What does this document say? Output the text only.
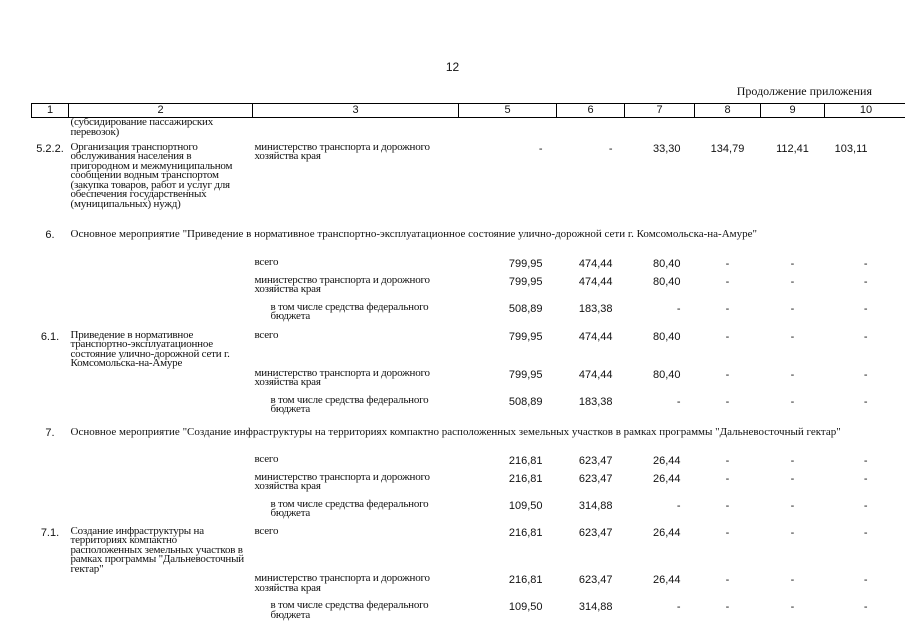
12
Продолжение приложения
1	2	3	5	6	7	8	9	10
	(субсидирование пассажирских перевозок)							
5.2.2.	Организация транспортного обслуживания населения в пригородном и межмуниципальном сообщении водным транспортом (закупка товаров, работ и услуг для обеспечения государственных (муниципальных) нужд)	министерство транспорта и дорожного хозяйства края	-	-	33,30	134,79	112,41	103,11
6.	Основное мероприятие "Приведение в нормативное транспортно-эксплуатационное состояние улично-дорожной сети г. Комсомольска-на-Амуре"							
		всего	799,95	474,44	80,40	-	-	-
		министерство транспорта и дорожного хозяйства края	799,95	474,44	80,40	-	-	-
		в том числе средства федерального бюджета	508,89	183,38	-	-	-	-
6.1.	Приведение в нормативное транспортно-эксплуатационное состояние улично-дорожной сети г. Комсомольска-на-Амуре	всего	799,95	474,44	80,40	-	-	-
		министерство транспорта и дорожного хозяйства края	799,95	474,44	80,40	-	-	-
		в том числе средства федерального бюджета	508,89	183,38	-	-	-	-
7.	Основное мероприятие "Создание инфраструктуры на территориях компактно расположенных земельных участков в рамках программы "Дальневосточный гектар"							
		всего	216,81	623,47	26,44	-	-	-
		министерство транспорта и дорожного хозяйства края	216,81	623,47	26,44	-	-	-
		в том числе средства федерального бюджета	109,50	314,88	-	-	-	-
7.1.	Создание инфраструктуры на территориях компактно расположенных земельных участков в рамках программы "Дальневосточный гектар"	всего	216,81	623,47	26,44	-	-	-
		министерство транспорта и дорожного хозяйства края	216,81	623,47	26,44	-	-	-
		в том числе средства федерального бюджета	109,50	314,88	-	-	-	-
